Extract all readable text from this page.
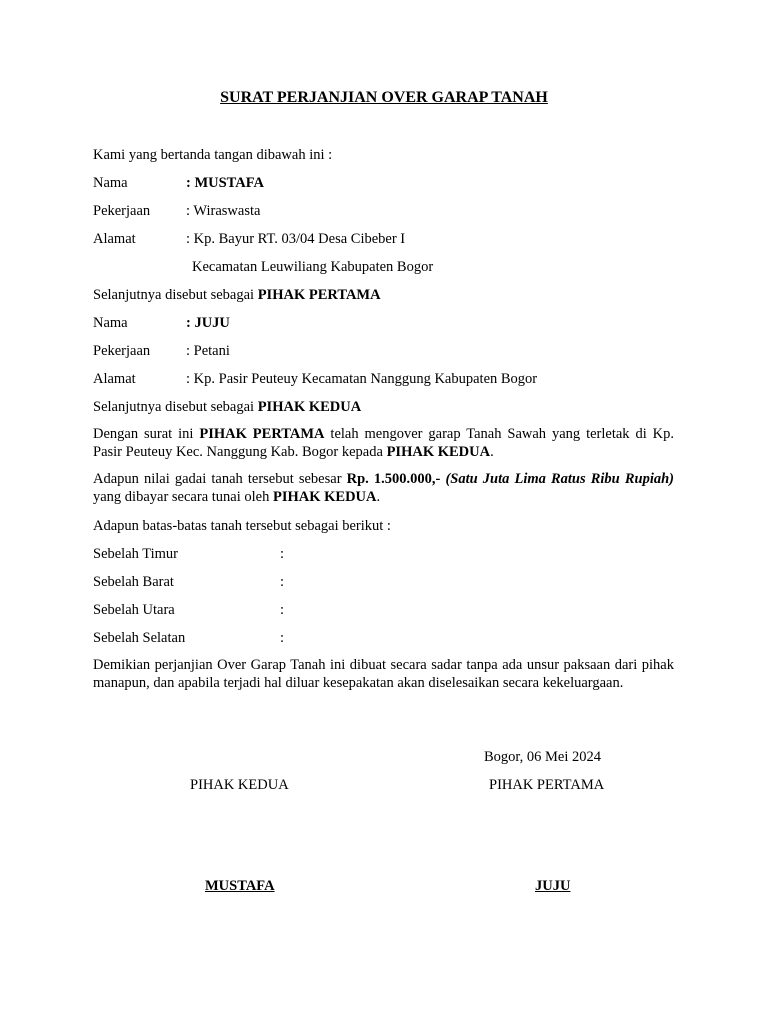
SURAT PERJANJIAN OVER GARAP TANAH
Kami yang bertanda tangan dibawah ini :
Nama	: MUSTAFA
Pekerjaan : Wiraswasta
Alamat	: Kp. Bayur RT. 03/04 Desa Cibeber I
Kecamatan Leuwiliang Kabupaten Bogor
Selanjutnya disebut sebagai PIHAK PERTAMA
Nama	: JUJU
Pekerjaan : Petani
Alamat	: Kp. Pasir Peuteuy Kecamatan Nanggung Kabupaten Bogor
Selanjutnya disebut sebagai PIHAK KEDUA
Dengan surat ini PIHAK PERTAMA telah mengover garap Tanah Sawah yang terletak di Kp. Pasir Peuteuy Kec. Nanggung Kab. Bogor kepada PIHAK KEDUA.
Adapun nilai gadai tanah tersebut sebesar Rp. 1.500.000,- (Satu Juta Lima Ratus Ribu Rupiah) yang dibayar secara tunai oleh PIHAK KEDUA.
Adapun batas-batas tanah tersebut sebagai berikut :
Sebelah Timur	:
Sebelah Barat	:
Sebelah Utara	:
Sebelah Selatan	:
Demikian perjanjian Over Garap Tanah ini dibuat secara sadar tanpa ada unsur paksaan dari pihak manapun, dan apabila terjadi hal diluar kesepakatan akan diselesaikan secara kekeluargaan.
Bogor, 06 Mei 2024
PIHAK KEDUA	PIHAK PERTAMA
MUSTAFA	JUJU
